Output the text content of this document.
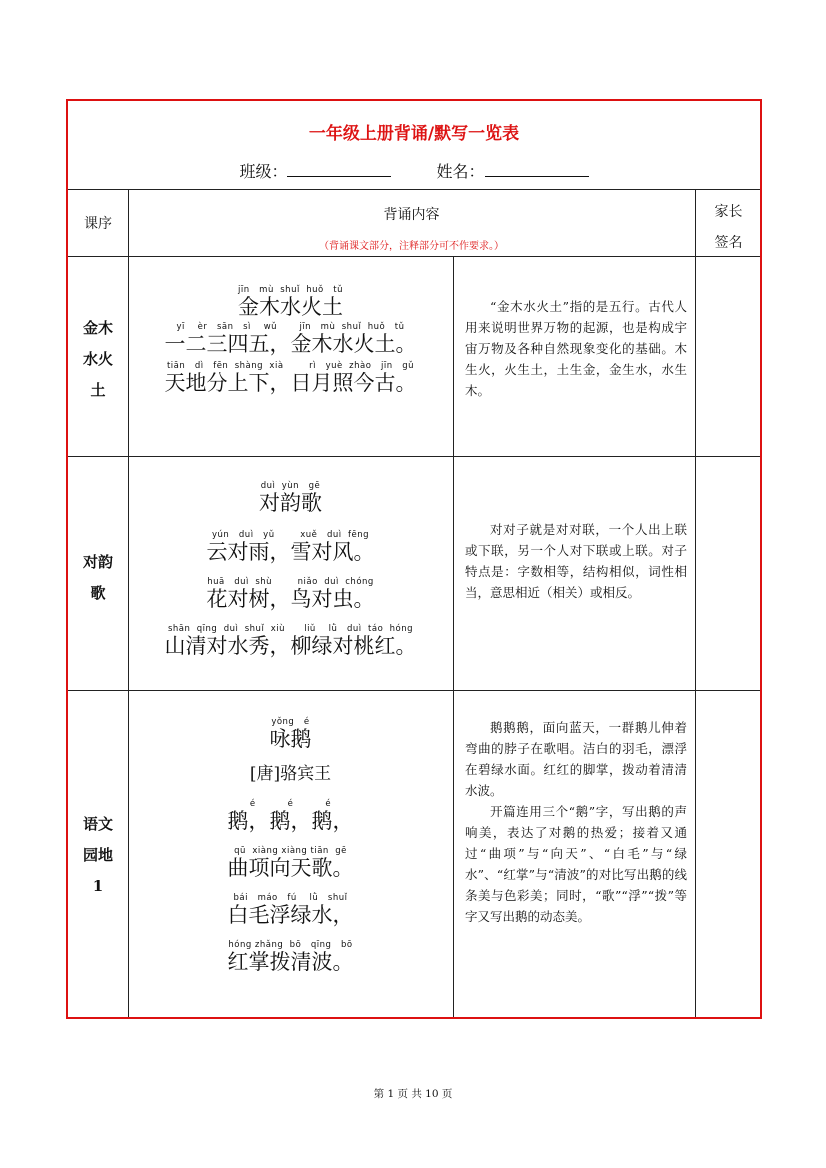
一年级上册背诵/默写一览表
班级：	姓名：
课序
背诵内容
（背诵课文部分，注释部分可不作要求。）
家长
签名
金木
水火
土
jīn   mù  shuǐ  huǒ   tǔ
金木水火土
yī    èr   sān   sì    wǔ       jīn   mù  shuǐ  huǒ   tǔ
一二三四五，金木水火土。
tiān   dì   fēn  shàng  xià        rì   yuè  zhào   jīn   gǔ
天地分上下，日月照今古。

“金木水火土”指的是五行。古代人用来说明世界万物的起源，也是构成宇宙万物及各种自然现象变化的基础。木生火，火生土，土生金，金生水，水生木。

对韵
歌
duì  yùn   gē
对韵歌
yún   duì   yǔ        xuě   duì  fēng
云对雨，雪对风。
huā   duì  shù        niǎo  duì  chóng
花对树，鸟对虫。
shān  qīng  duì  shuǐ  xiù      liǔ    lǜ   duì  táo  hóng
山清对水秀，柳绿对桃红。

对对子就是对对联，一个人出上联或下联，另一个人对下联或上联。对子特点是：字数相等，结构相似，词性相当，意思相近（相关）或相反。

语文
园地
1
yǒng   é
咏鹅
[唐]骆宾王
é          é          é
鹅，鹅，鹅，
qū  xiàng xiàng tiān  gē
曲项向天歌。
bái   máo   fú    lǜ   shuǐ
白毛浮绿水，
hóng zhǎng  bō   qīng   bō
红掌拨清波。

鹅鹅鹅，面向蓝天，一群鹅儿伸着弯曲的脖子在歌唱。洁白的羽毛，漂浮在碧绿水面。红红的脚掌，拨动着清清水波。

开篇连用三个“鹅”字，写出鹅的声响美，表达了对鹅的热爱；接着又通过“曲项”与“向天”、“白毛”与“绿水”、“红掌”与“清波”的对比写出鹅的线条美与色彩美；同时，“歌”“浮”“拨”等字又写出鹅的动态美。

第 1 页 共 10 页
